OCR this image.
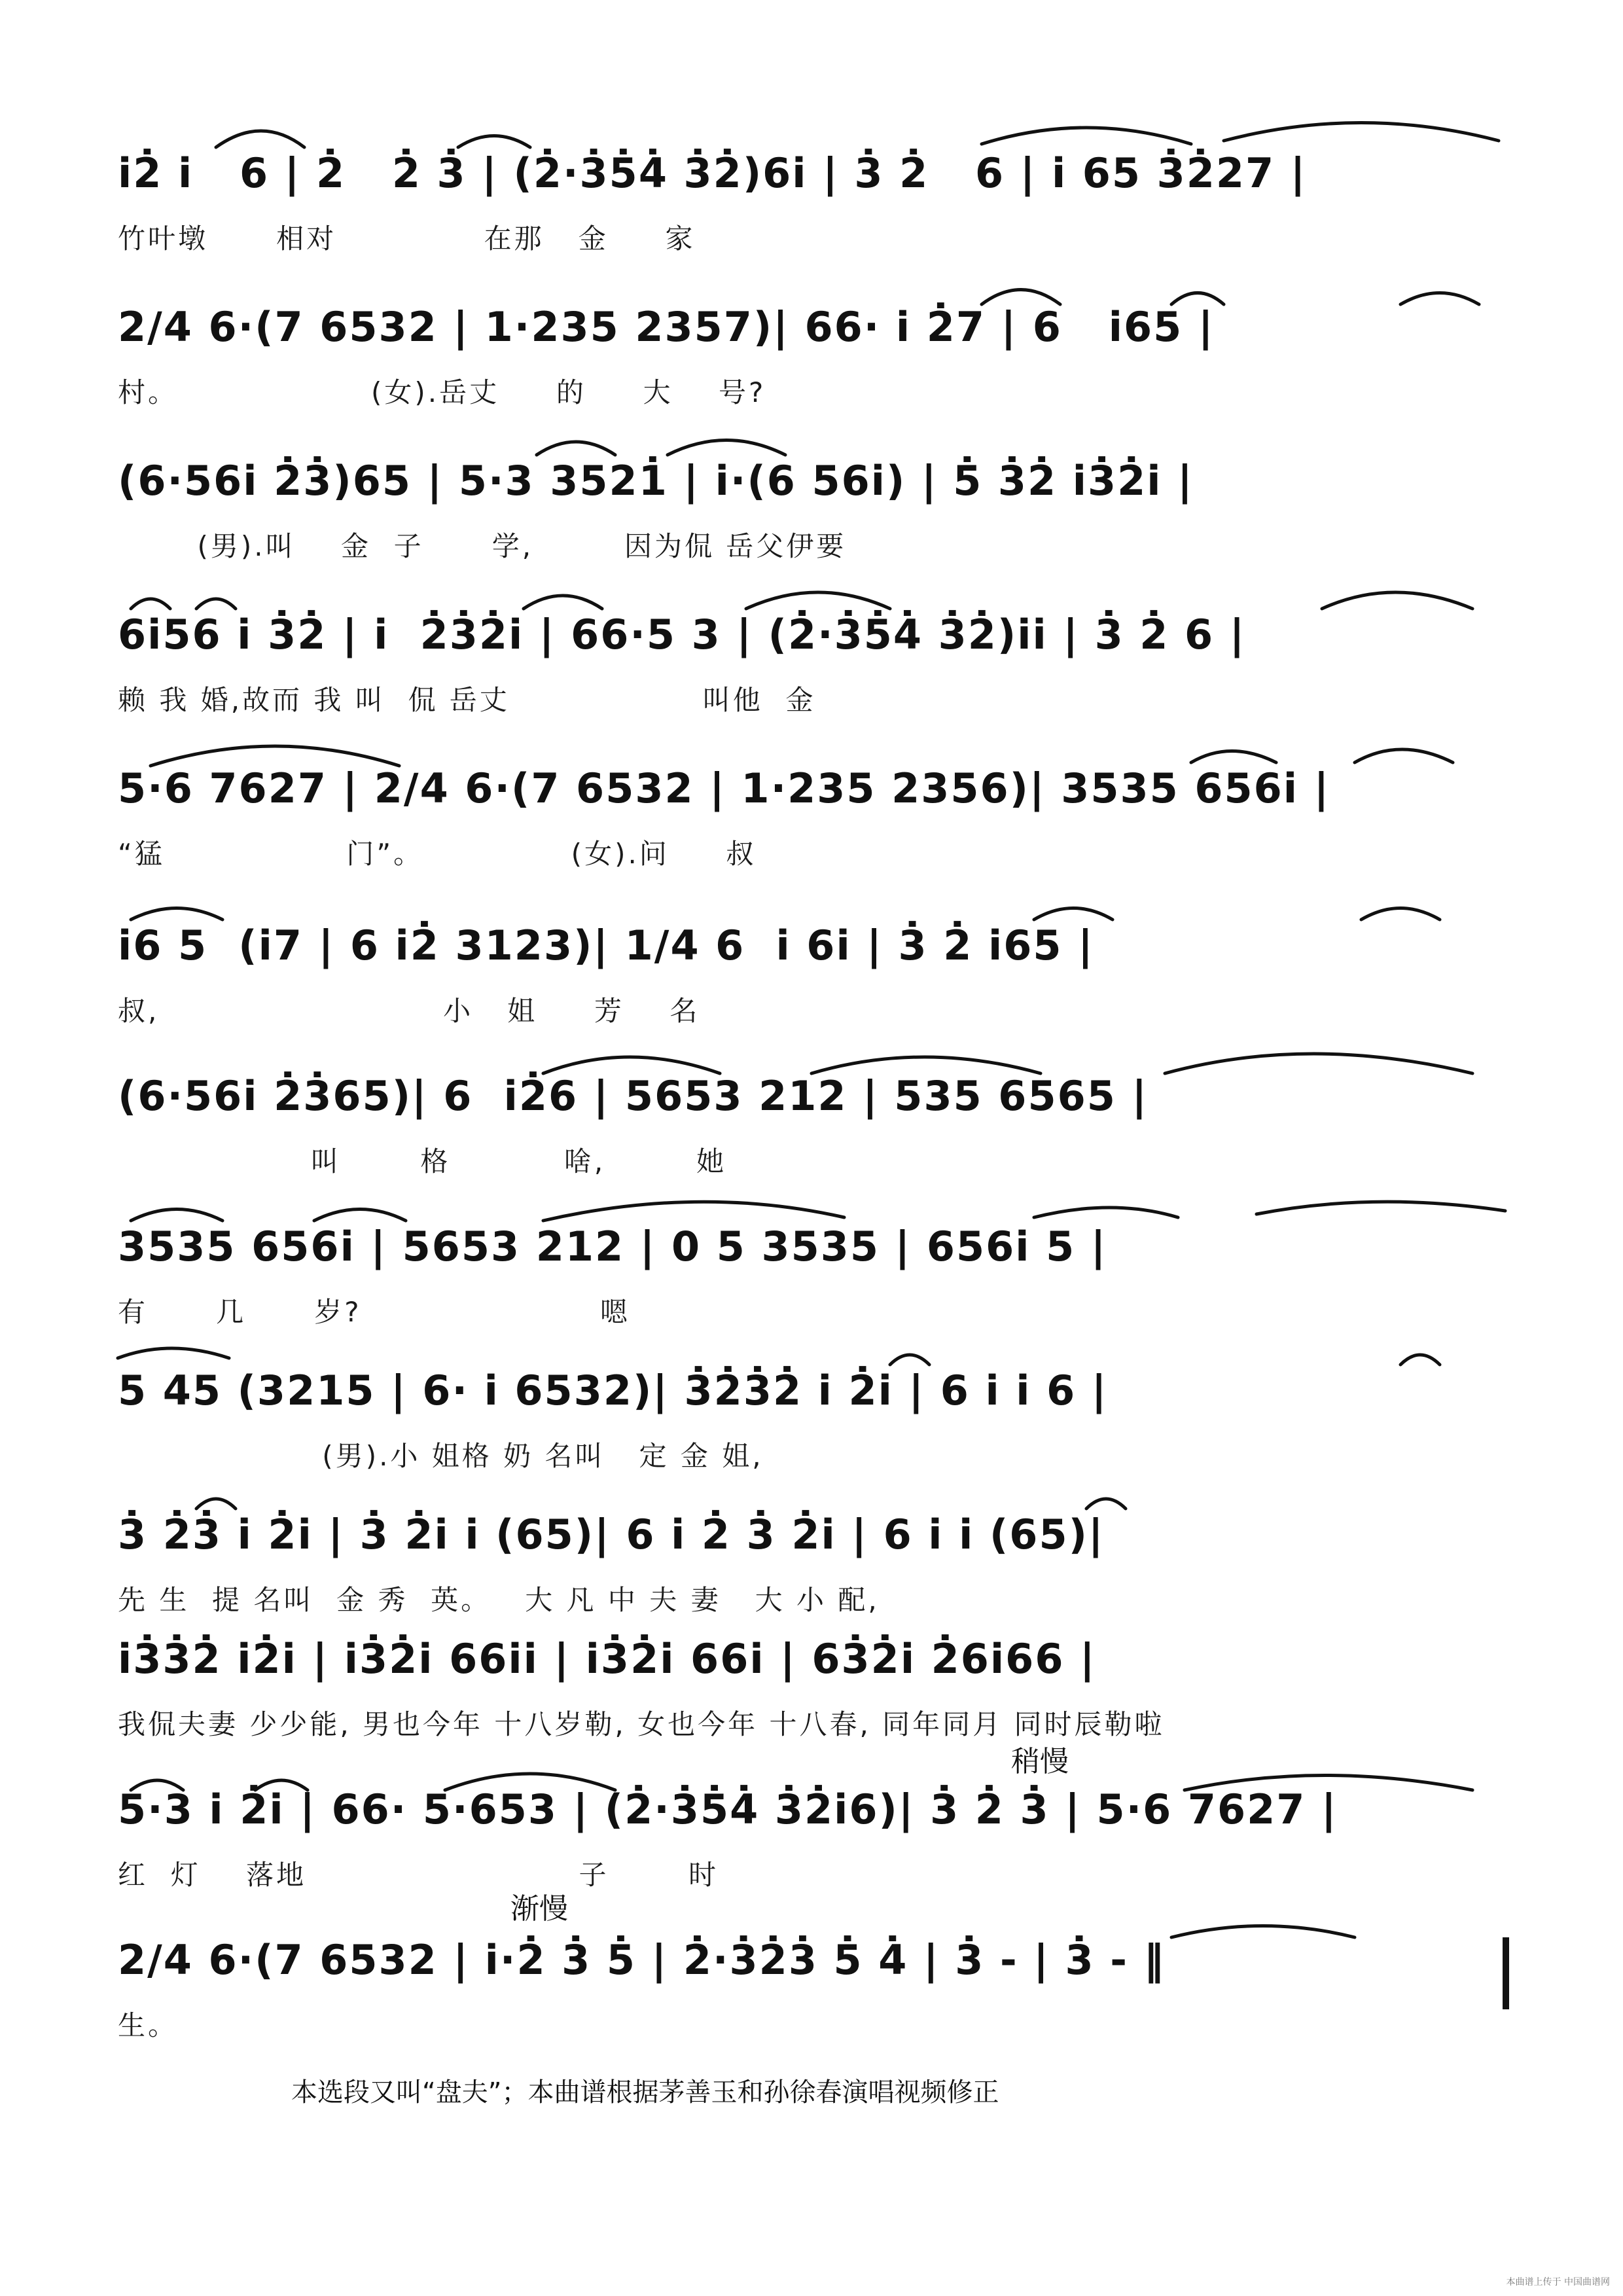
i̇2̇ i̇   6 | 2̇   2̇ 3̇ | (2̇·3̇5̇4̇ 3̇2̇)6i̇ | 3̇ 2̇   6 | i̇ 65 3̇2̇27 |
竹叶墩      相对             在那   金     家
2/4 6·(7 6532 | 1·235 2357)| 66· i̇ 2̇7 | 6   i̇65 |
村。                 (女).岳丈     的     大    号?
(6·56i̇ 2̇3̇)65 | 5·3 3521̇ | i̇·(6 56i̇) | 5̇ 3̇2̇ i̇3̇2̇i̇ |
(男).叫    金  子      学,        因为侃 岳父伊要
6i̇56 i̇ 3̇2̇ | i̇  2̇3̇2̇i̇ | 66·5 3 | (2̇·3̇5̇4̇ 3̇2̇)i̇i̇ | 3̇ 2̇ 6 |
赖 我 婚,故而 我 叫  侃 岳丈                 叫他  金
5·6 7627 | 2/4 6·(7 6532 | 1·235 2356)| 3535 656i̇ |
“猛                门”。             (女).问     叔
i̇6 5  (i̇7 | 6 i̇2̇ 3123)| 1/4 6  i̇ 6i̇ | 3̇ 2̇ i̇65 |
叔,                         小   姐     芳    名
(6·56i̇ 2̇3̇65)| 6  i̇2̇6 | 5653 212 | 535 6565 |
叫       格          啥,        她
3535 656i̇ | 5653 212 | 0 5 3535 | 656i̇ 5 |
有      几      岁?                     嗯
5 45 (3215 | 6· i̇ 6532)| 3̇2̇3̇2̇ i̇ 2̇i̇ | 6 i̇ i̇ 6 |
(男).小 姐格 奶 名叫   定 金 姐,
3̇ 2̇3̇ i̇ 2̇i̇ | 3̇ 2̇i̇ i̇ (65)| 6 i̇ 2̇ 3̇ 2̇i̇ | 6 i̇ i̇ (65)|
先 生  提 名叫  金 秀  英。   大 凡 中 夫 妻   大 小 配,
i̇3̇3̇2̇ i̇2̇i̇ | i̇3̇2̇i̇ 66i̇i̇ | i̇3̇2̇i̇ 66i̇ | 63̇2̇i̇ 2̇6i̇66 |
我侃夫妻 少少能, 男也今年 十八岁勒, 女也今年 十八春, 同年同月 同时辰勒啦
稍慢
5·3 i̇ 2̇i̇ | 66· 5·653 | (2̇·3̇5̇4̇ 3̇2̇i̇6)| 3̇ 2̇ 3̇ | 5·6 7627 |
红  灯    落地                        子       时
渐慢
2/4 6·(7 6532 | i̇·2̇ 3̇ 5̇ | 2̇·3̇2̇3̇ 5̇ 4̇ | 3̇ - | 3̇ - ‖
生。
本选段又叫“盘夫”；本曲谱根据茅善玉和孙徐春演唱视频修正
本曲谱上传于 中国曲谱网
